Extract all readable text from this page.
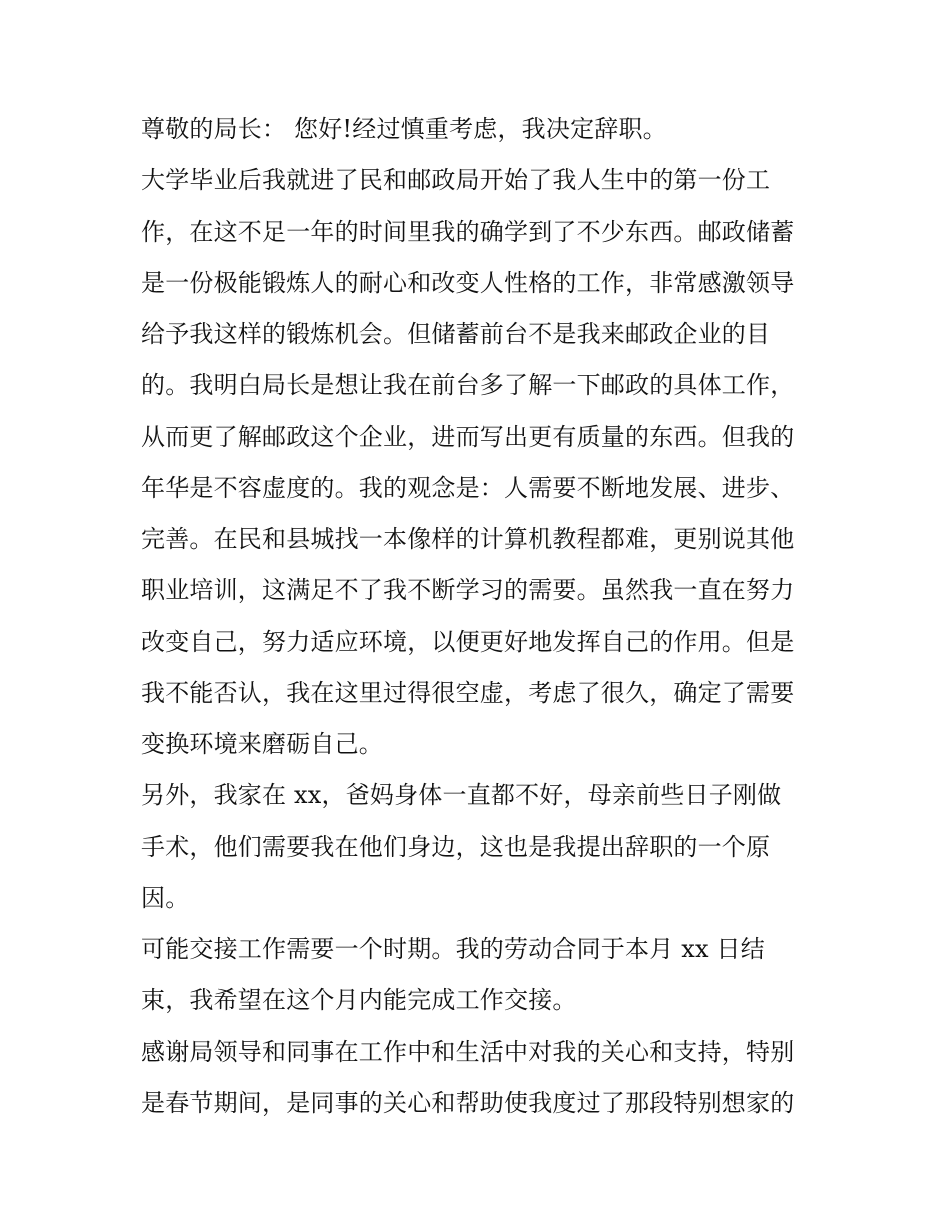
尊敬的局长： 您好!经过慎重考虑，我决定辞职。
大学毕业后我就进了民和邮政局开始了我人生中的第一份工
作，在这不足一年的时间里我的确学到了不少东西。邮政储蓄
是一份极能锻炼人的耐心和改变人性格的工作，非常感激领导
给予我这样的锻炼机会。但储蓄前台不是我来邮政企业的目
的。我明白局长是想让我在前台多了解一下邮政的具体工作，
从而更了解邮政这个企业，进而写出更有质量的东西。但我的
年华是不容虚度的。我的观念是：人需要不断地发展、进步、
完善。在民和县城找一本像样的计算机教程都难，更别说其他
职业培训，这满足不了我不断学习的需要。虽然我一直在努力
改变自己，努力适应环境，以便更好地发挥自己的作用。但是
我不能否认，我在这里过得很空虚，考虑了很久，确定了需要
变换环境来磨砺自己。
另外，我家在 xx，爸妈身体一直都不好，母亲前些日子刚做
手术，他们需要我在他们身边，这也是我提出辞职的一个原
因。
可能交接工作需要一个时期。我的劳动合同于本月 xx 日结
束，我希望在这个月内能完成工作交接。
感谢局领导和同事在工作中和生活中对我的关心和支持，特别
是春节期间，是同事的关心和帮助使我度过了那段特别想家的
